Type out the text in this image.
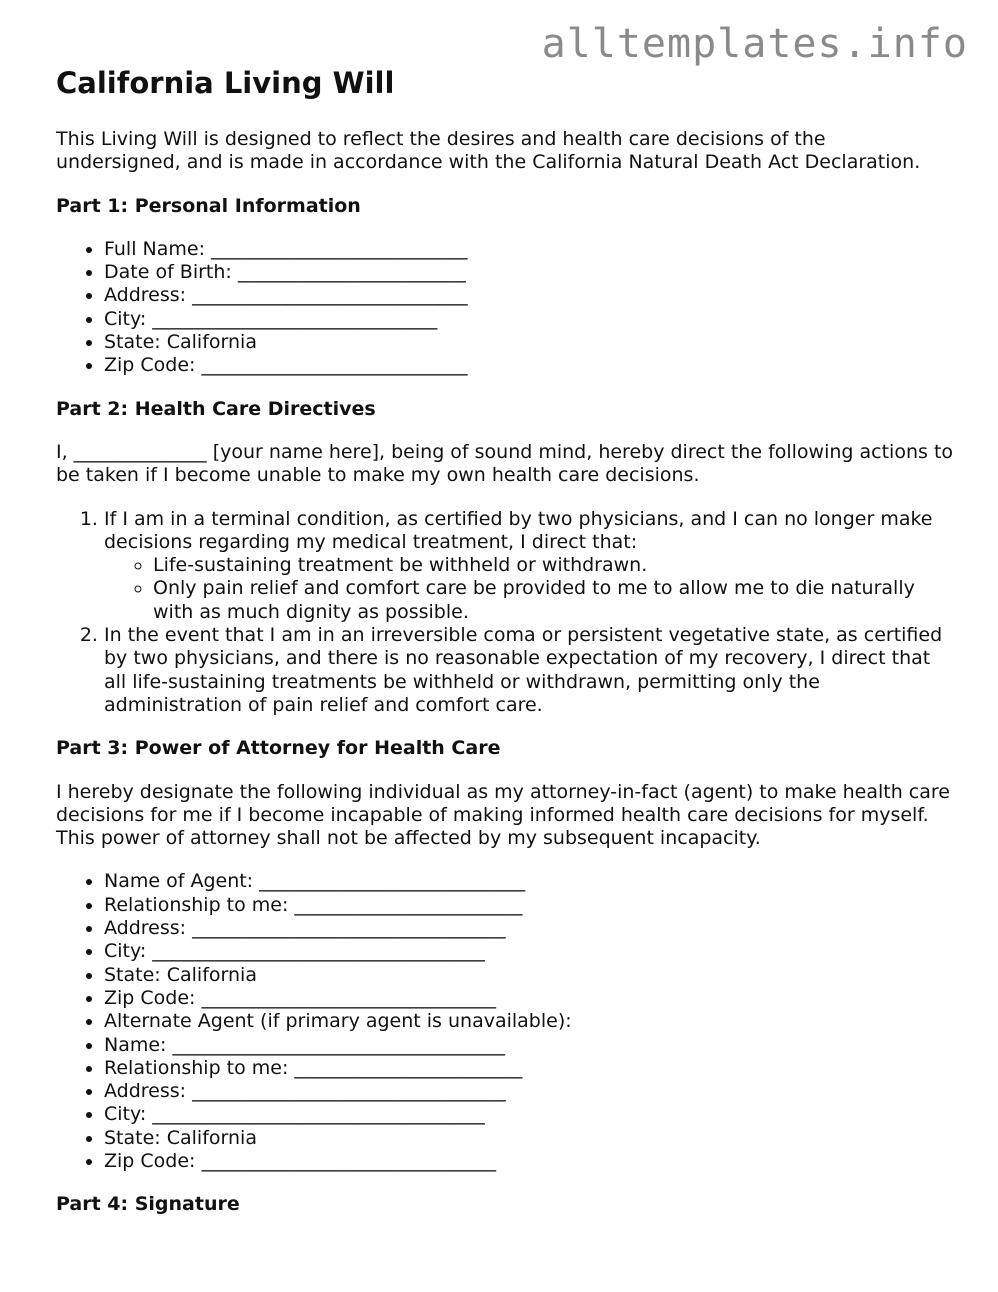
alltemplates.info
California Living Will

This Living Will is designed to reflect the desires and health care decisions of the undersigned, and is made in accordance with the California Natural Death Act Declaration.

Part 1: Personal Information
• Full Name: ___________________________
• Date of Birth: ________________________
• Address: _____________________________
• City: ______________________________
• State: California
• Zip Code: ____________________________
Part 2: Health Care Directives

I, ______________ [your name here], being of sound mind, hereby direct the following actions to be taken if I become unable to make my own health care decisions.

1. If I am in a terminal condition, as certified by two physicians, and I can no longer make decisions regarding my medical treatment, I direct that:
◦ Life-sustaining treatment be withheld or withdrawn.
◦ Only pain relief and comfort care be provided to me to allow me to die naturally with as much dignity as possible.
2. In the event that I am in an irreversible coma or persistent vegetative state, as certified by two physicians, and there is no reasonable expectation of my recovery, I direct that all life-sustaining treatments be withheld or withdrawn, permitting only the administration of pain relief and comfort care.
Part 3: Power of Attorney for Health Care

I hereby designate the following individual as my attorney-in-fact (agent) to make health care decisions for me if I become incapable of making informed health care decisions for myself. This power of attorney shall not be affected by my subsequent incapacity.

• Name of Agent: ____________________________
• Relationship to me: ________________________
• Address: _________________________________
• City: ___________________________________
• State: California
• Zip Code: _______________________________
• Alternate Agent (if primary agent is unavailable):
• Name: ___________________________________
• Relationship to me: ________________________
• Address: _________________________________
• City: ___________________________________
• State: California
• Zip Code: _______________________________
Part 4: Signature
